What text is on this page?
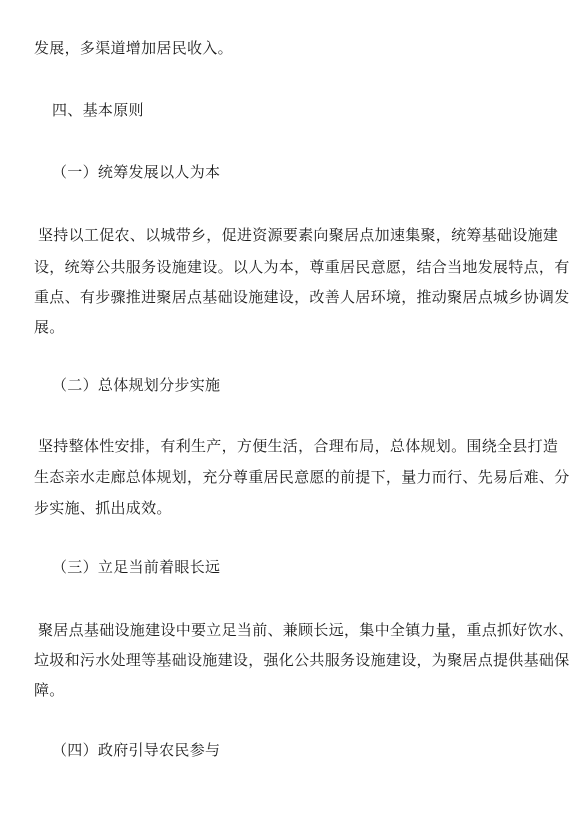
发展，多渠道增加居民收入。
四、基本原则
（一）统筹发展以人为本
坚持以工促农、以城带乡，促进资源要素向聚居点加速集聚，统筹基础设施建
设，统筹公共服务设施建设。以人为本，尊重居民意愿，结合当地发展特点，有
重点、有步骤推进聚居点基础设施建设，改善人居环境，推动聚居点城乡协调发
展。
（二）总体规划分步实施
坚持整体性安排，有利生产，方便生活，合理布局，总体规划。围绕全县打造
生态亲水走廊总体规划，充分尊重居民意愿的前提下，量力而行、先易后难、分
步实施、抓出成效。
（三）立足当前着眼长远
聚居点基础设施建设中要立足当前、兼顾长远，集中全镇力量，重点抓好饮水、
垃圾和污水处理等基础设施建设，强化公共服务设施建设，为聚居点提供基础保
障。
（四）政府引导农民参与
